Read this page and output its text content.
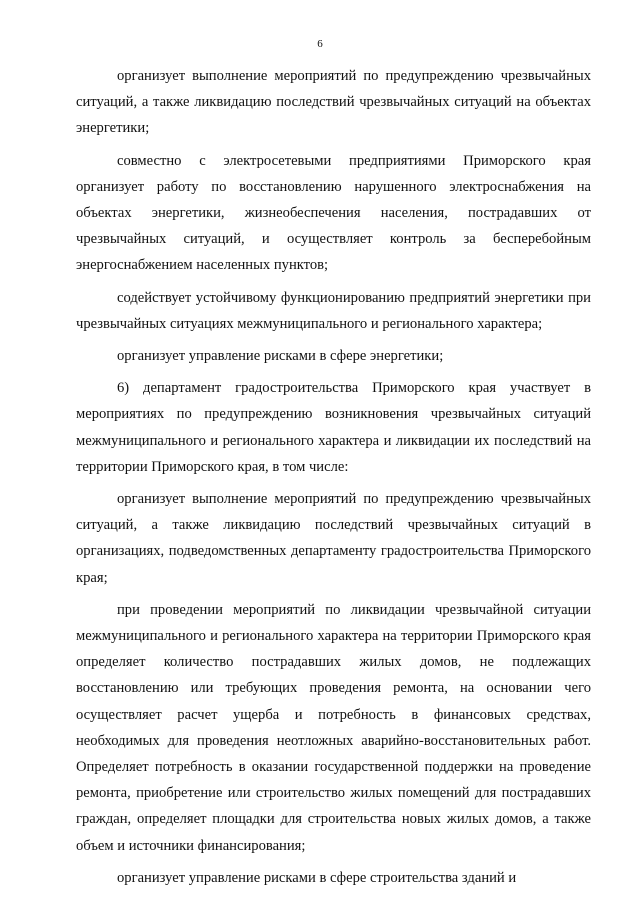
6

организует выполнение мероприятий по предупреждению чрезвычайных ситуаций, а также ликвидацию последствий чрезвычайных ситуаций на объектах энергетики;

совместно с электросетевыми предприятиями Приморского края организует работу по восстановлению нарушенного электроснабжения на объектах энергетики, жизнеобеспечения населения, пострадавших от чрезвычайных ситуаций, и осуществляет контроль за бесперебойным энергоснабжением населенных пунктов;

содействует устойчивому функционированию предприятий энергетики при чрезвычайных ситуациях межмуниципального и регионального характера;

организует управление рисками в сфере энергетики;

6) департамент градостроительства Приморского края участвует в мероприятиях по предупреждению возникновения чрезвычайных ситуаций межмуниципального и регионального характера и ликвидации их последствий на территории Приморского края, в том числе:

организует выполнение мероприятий по предупреждению чрезвычайных ситуаций, а также ликвидацию последствий чрезвычайных ситуаций в организациях, подведомственных департаменту градостроительства Приморского края;

при проведении мероприятий по ликвидации чрезвычайной ситуации межмуниципального и регионального характера на территории Приморского края определяет количество пострадавших жилых домов, не подлежащих восстановлению или требующих проведения ремонта, на основании чего осуществляет расчет ущерба и потребность в финансовых средствах, необходимых для проведения неотложных аварийно-восстановительных работ. Определяет потребность в оказании государственной поддержки на проведение ремонта, приобретение или строительство жилых помещений для пострадавших граждан, определяет площадки для строительства новых жилых домов, а также объем и источники финансирования;

организует управление рисками в сфере строительства зданий и
